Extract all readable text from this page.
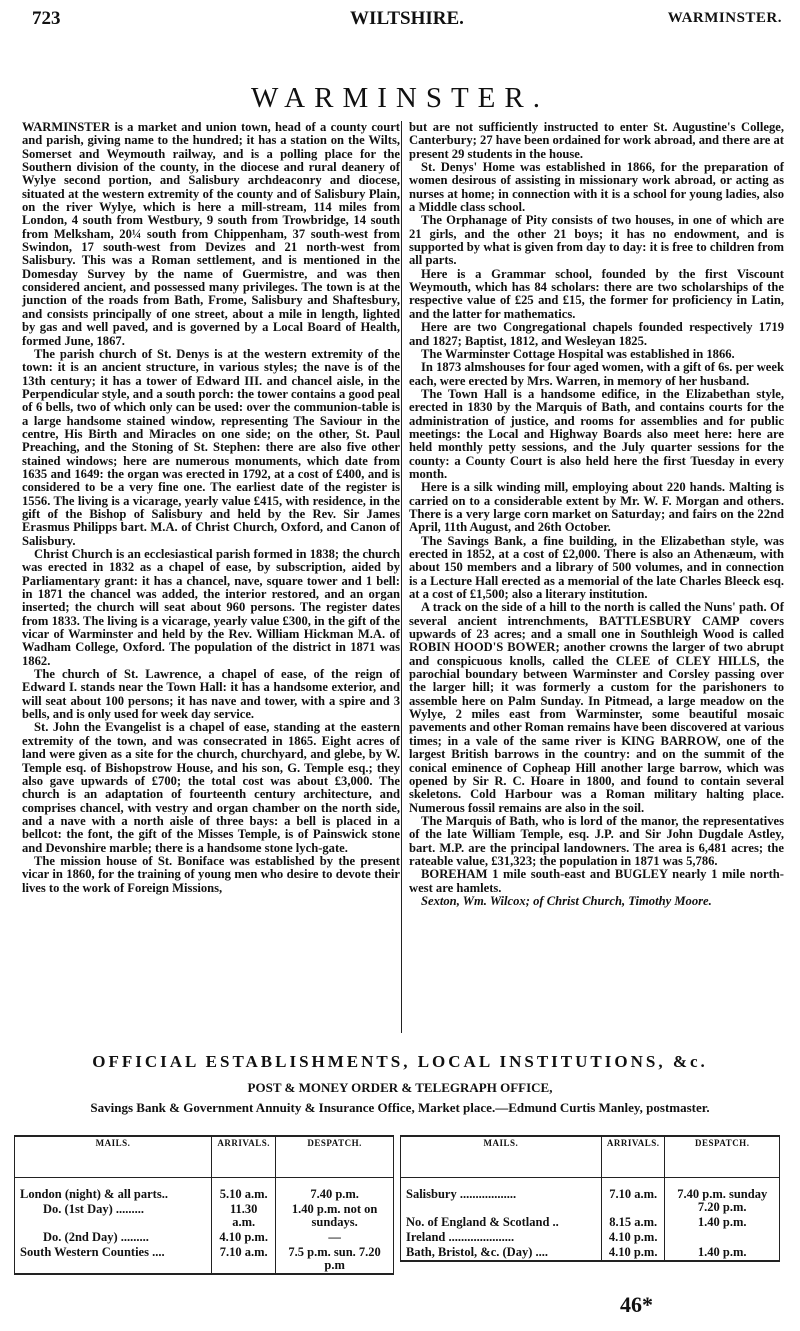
723	WILTSHIRE.	WARMINSTER.
WARMINSTER.

WARMINSTER is a market and union town, head of a county court and parish, giving name to the hundred; it has a station on the Wilts, Somerset and Weymouth railway, and is a polling place for the Southern division of the county, in the diocese and rural deanery of Wylye second portion, and Salisbury archdeaconry and diocese, situated at the western extremity of the county and of Salisbury Plain, on the river Wylye, which is here a mill-stream, 114 miles from London, 4 south from Westbury, 9 south from Trowbridge, 14 south from Melksham, 20¼ south from Chippenham, 37 south-west from Swindon, 17 south-west from Devizes and 21 north-west from Salisbury. This was a Roman settlement, and is mentioned in the Domesday Survey by the name of Guermistre, and was then considered ancient, and possessed many privileges. The town is at the junction of the roads from Bath, Frome, Salisbury and Shaftesbury, and consists principally of one street, about a mile in length, lighted by gas and well paved, and is governed by a Local Board of Health, formed June, 1867.

The parish church of St. Denys is at the western extremity of the town: it is an ancient structure, in various styles; the nave is of the 13th century; it has a tower of Edward III. and chancel aisle, in the Perpendicular style, and a south porch: the tower contains a good peal of 6 bells, two of which only can be used: over the communion-table is a large handsome stained window, representing The Saviour in the centre, His Birth and Miracles on one side; on the other, St. Paul Preaching, and the Stoning of St. Stephen: there are also five other stained windows; here are numerous monuments, which date from 1635 and 1649: the organ was erected in 1792, at a cost of £400, and is considered to be a very fine one. The earliest date of the register is 1556. The living is a vicarage, yearly value £415, with residence, in the gift of the Bishop of Salisbury and held by the Rev. Sir James Erasmus Philipps bart. M.A. of Christ Church, Oxford, and Canon of Salisbury.

Christ Church is an ecclesiastical parish formed in 1838; the church was erected in 1832 as a chapel of ease, by subscription, aided by Parliamentary grant: it has a chancel, nave, square tower and 1 bell: in 1871 the chancel was added, the interior restored, and an organ inserted; the church will seat about 960 persons. The register dates from 1833. The living is a vicarage, yearly value £300, in the gift of the vicar of Warminster and held by the Rev. William Hickman M.A. of Wadham College, Oxford. The population of the district in 1871 was 1862.

The church of St. Lawrence, a chapel of ease, of the reign of Edward I. stands near the Town Hall: it has a handsome exterior, and will seat about 100 persons; it has nave and tower, with a spire and 3 bells, and is only used for week day service.

St. John the Evangelist is a chapel of ease, standing at the eastern extremity of the town, and was consecrated in 1865. Eight acres of land were given as a site for the church, churchyard, and glebe, by W. Temple esq. of Bishopstrow House, and his son, G. Temple esq.; they also gave upwards of £700; the total cost was about £3,000. The church is an adaptation of fourteenth century architecture, and comprises chancel, with vestry and organ chamber on the north side, and a nave with a north aisle of three bays: a bell is placed in a bellcot: the font, the gift of the Misses Temple, is of Painswick stone and Devonshire marble; there is a handsome stone lych-gate.

The mission house of St. Boniface was established by the present vicar in 1860, for the training of young men who desire to devote their lives to the work of Foreign Missions,

but are not sufficiently instructed to enter St. Augustine's College, Canterbury; 27 have been ordained for work abroad, and there are at present 29 students in the house.

St. Denys' Home was established in 1866, for the preparation of women desirous of assisting in missionary work abroad, or acting as nurses at home; in connection with it is a school for young ladies, also a Middle class school.

The Orphanage of Pity consists of two houses, in one of which are 21 girls, and the other 21 boys; it has no endowment, and is supported by what is given from day to day: it is free to children from all parts.

Here is a Grammar school, founded by the first Viscount Weymouth, which has 84 scholars: there are two scholarships of the respective value of £25 and £15, the former for proficiency in Latin, and the latter for mathematics.

Here are two Congregational chapels founded respectively 1719 and 1827; Baptist, 1812, and Wesleyan 1825.

The Warminster Cottage Hospital was established in 1866.

In 1873 almshouses for four aged women, with a gift of 6s. per week each, were erected by Mrs. Warren, in memory of her husband.

The Town Hall is a handsome edifice, in the Elizabethan style, erected in 1830 by the Marquis of Bath, and contains courts for the administration of justice, and rooms for assemblies and for public meetings: the Local and Highway Boards also meet here: here are held monthly petty sessions, and the July quarter sessions for the county: a County Court is also held here the first Tuesday in every month.

Here is a silk winding mill, employing about 220 hands. Malting is carried on to a considerable extent by Mr. W. F. Morgan and others. There is a very large corn market on Saturday; and fairs on the 22nd April, 11th August, and 26th October.

The Savings Bank, a fine building, in the Elizabethan style, was erected in 1852, at a cost of £2,000. There is also an Athenæum, with about 150 members and a library of 500 volumes, and in connection is a Lecture Hall erected as a memorial of the late Charles Bleeck esq. at a cost of £1,500; also a literary institution.

A track on the side of a hill to the north is called the Nuns' path. Of several ancient intrenchments, BATTLESBURY CAMP covers upwards of 23 acres; and a small one in Southleigh Wood is called ROBIN HOOD'S BOWER; another crowns the larger of two abrupt and conspicuous knolls, called the CLEE of CLEY HILLS, the parochial boundary between Warminster and Corsley passing over the larger hill; it was formerly a custom for the parishoners to assemble here on Palm Sunday. In Pitmead, a large meadow on the Wylye, 2 miles east from Warminster, some beautiful mosaic pavements and other Roman remains have been discovered at various times; in a vale of the same river is KING BARROW, one of the largest British barrows in the country: and on the summit of the conical eminence of Copheap Hill another large barrow, which was opened by Sir R. C. Hoare in 1800, and found to contain several skeletons. Cold Harbour was a Roman military halting place. Numerous fossil remains are also in the soil.

The Marquis of Bath, who is lord of the manor, the representatives of the late William Temple, esq. J.P. and Sir John Dugdale Astley, bart. M.P. are the principal landowners. The area is 6,481 acres; the rateable value, £31,323; the population in 1871 was 5,786.

BOREHAM 1 mile south-east and BUGLEY nearly 1 mile north-west are hamlets.

Sexton, Wm. Wilcox; of Christ Church, Timothy Moore.

OFFICIAL ESTABLISHMENTS, LOCAL INSTITUTIONS, &c.
POST & MONEY ORDER & TELEGRAPH OFFICE,
Savings Bank & Government Annuity & Insurance Office, Market place.—Edmund Curtis Manley, postmaster.
MAILS.	ARRIVALS.	DESPATCH.
London (night) & all parts..	5.10 a.m.	7.40 p.m.
Do. (1st Day) .........	11.30 a.m.	1.40 p.m. not on sundays.
Do. (2nd Day) .........	4.10 p.m.	—
South Western Counties ....	7.10 a.m.	7.5 p.m. sun. 7.20 p.m
MAILS.	ARRIVALS.	DESPATCH.
Salisbury ..................	7.10 a.m.	7.40 p.m. sunday 7.20 p.m.
No. of England & Scotland ..	8.15 a.m.	1.40 p.m.
Ireland .....................	4.10 p.m.	
Bath, Bristol, &c. (Day) ....	4.10 p.m.	1.40 p.m.
46*
